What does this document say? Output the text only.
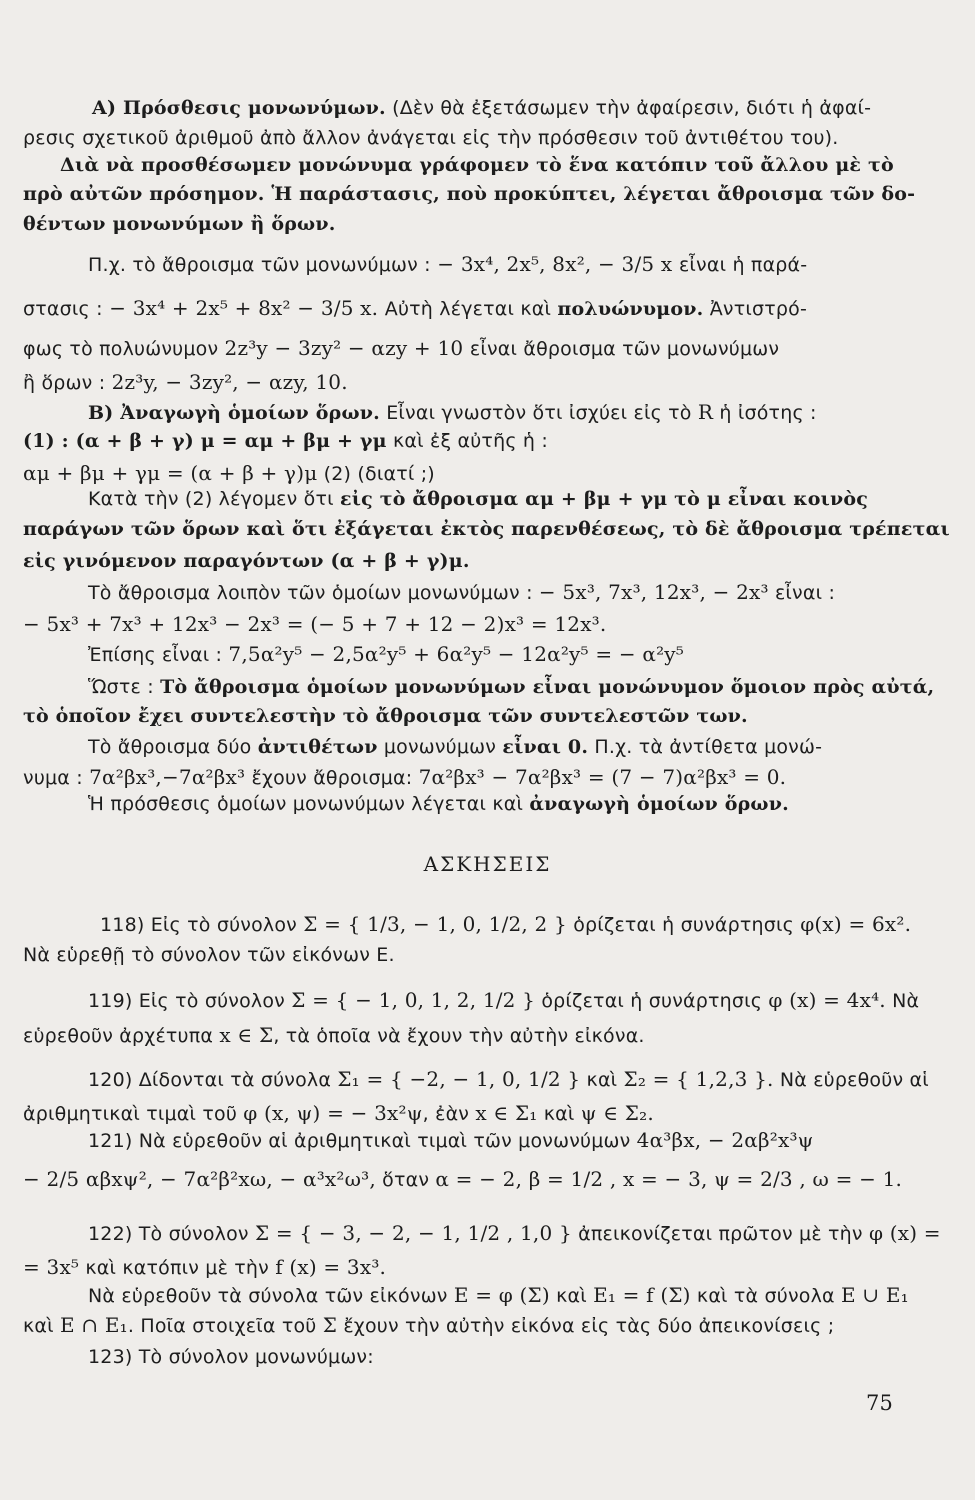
A) Πρόσθεσις μονωνύμων. (Δὲν θὰ ἐξετάσωμεν τὴν ἀφαίρεσιν, διότι ἡ ἀφαί-
ρεσις σχετικοῦ ἀριθμοῦ ἀπὸ ἄλλον ἀνάγεται εἰς τὴν πρόσθεσιν τοῦ ἀντιθέτου του).
Διὰ νὰ προσθέσωμεν μονώνυμα γράφομεν τὸ ἕνα κατόπιν τοῦ ἄλλου μὲ τὸ
πρὸ αὐτῶν πρόσημον. Ἡ παράστασις, ποὺ προκύπτει, λέγεται ἄθροισμα τῶν δο-
θέντων μονωνύμων ἢ ὅρων.
Π.χ. τὸ ἄθροισμα τῶν μονωνύμων : − 3x⁴, 2x⁵, 8x², − 3/5 x εἶναι ἡ παρά-
στασις : − 3x⁴ + 2x⁵ + 8x² − 3/5 x. Αὐτὴ λέγεται καὶ πολυώνυμον. Ἀντιστρό-
φως τὸ πολυώνυμον 2z³y − 3zy² − αzy + 10 εἶναι ἄθροισμα τῶν μονωνύμων
ἢ ὅρων : 2z³y, − 3zy², − αzy, 10.
B) Ἀναγωγὴ ὁμοίων ὅρων. Εἶναι γνωστὸν ὅτι ἰσχύει εἰς τὸ R ἡ ἰσότης :
(1) : (α + β + γ) μ = αμ + βμ + γμ καὶ ἐξ αὐτῆς ἡ :
αμ + βμ + γμ = (α + β + γ)μ (2) (διατί ;)
Κατὰ τὴν (2) λέγομεν ὅτι εἰς τὸ ἄθροισμα αμ + βμ + γμ τὸ μ εἶναι κοινὸς
παράγων τῶν ὅρων καὶ ὅτι ἐξάγεται ἐκτὸς παρενθέσεως, τὸ δὲ ἄθροισμα τρέπεται
εἰς γινόμενον παραγόντων (α + β + γ)μ.
Τὸ ἄθροισμα λοιπὸν τῶν ὁμοίων μονωνύμων : − 5x³, 7x³, 12x³, − 2x³ εἶναι :
− 5x³ + 7x³ + 12x³ − 2x³ = (− 5 + 7 + 12 − 2)x³ = 12x³.
Ἐπίσης εἶναι : 7,5α²y⁵ − 2,5α²y⁵ + 6α²y⁵ − 12α²y⁵ = − α²y⁵
Ὥστε : Τὸ ἄθροισμα ὁμοίων μονωνύμων εἶναι μονώνυμον ὅμοιον πρὸς αὐτά,
τὸ ὁποῖον ἔχει συντελεστὴν τὸ ἄθροισμα τῶν συντελεστῶν των.
Τὸ ἄθροισμα δύο ἀντιθέτων μονωνύμων εἶναι 0. Π.χ. τὰ ἀντίθετα μονώ-
νυμα : 7α²βx³,−7α²βx³ ἔχουν ἄθροισμα: 7α²βx³ − 7α²βx³ = (7 − 7)α²βx³ = 0.
Ἡ πρόσθεσις ὁμοίων μονωνύμων λέγεται καὶ ἀναγωγὴ ὁμοίων ὅρων.
ΑΣΚΗΣΕΙΣ
118) Εἰς τὸ σύνολον Σ = { 1/3, − 1, 0, 1/2, 2 } ὁρίζεται ἡ συνάρτησις φ(x) = 6x².
Νὰ εὑρεθῇ τὸ σύνολον τῶν εἰκόνων Ε.
119) Εἰς τὸ σύνολον Σ = { − 1, 0, 1, 2, 1/2 } ὁρίζεται ἡ συνάρτησις φ (x) = 4x⁴. Νὰ
εὑρεθοῦν ἀρχέτυπα x ∈ Σ, τὰ ὁποῖα νὰ ἔχουν τὴν αὐτὴν εἰκόνα.
120) Δίδονται τὰ σύνολα Σ₁ = { −2, − 1, 0, 1/2 } καὶ Σ₂ = { 1,2,3 }. Νὰ εὑρεθοῦν αἱ
ἀριθμητικαὶ τιμαὶ τοῦ φ (x, ψ) = − 3x²ψ, ἐὰν x ∈ Σ₁ καὶ ψ ∈ Σ₂.
121) Νὰ εὑρεθοῦν αἱ ἀριθμητικαὶ τιμαὶ τῶν μονωνύμων 4α³βx, − 2αβ²x³ψ
− 2/5 αβxψ², − 7α²β²xω, − α³x²ω³, ὅταν α = − 2, β = 1/2 , x = − 3, ψ = 2/3 , ω = − 1.
122) Τὸ σύνολον Σ = { − 3, − 2, − 1, 1/2 , 1,0 } ἀπεικονίζεται πρῶτον μὲ τὴν φ (x) =
= 3x⁵ καὶ κατόπιν μὲ τὴν f (x) = 3x³.
Νὰ εὑρεθοῦν τὰ σύνολα τῶν εἰκόνων E = φ (Σ) καὶ E₁ = f (Σ) καὶ τὰ σύνολα E ∪ E₁
καὶ E ∩ E₁. Ποῖα στοιχεῖα τοῦ Σ ἔχουν τὴν αὐτὴν εἰκόνα εἰς τὰς δύο ἀπεικονίσεις ;
123) Τὸ σύνολον μονωνύμων:
75
